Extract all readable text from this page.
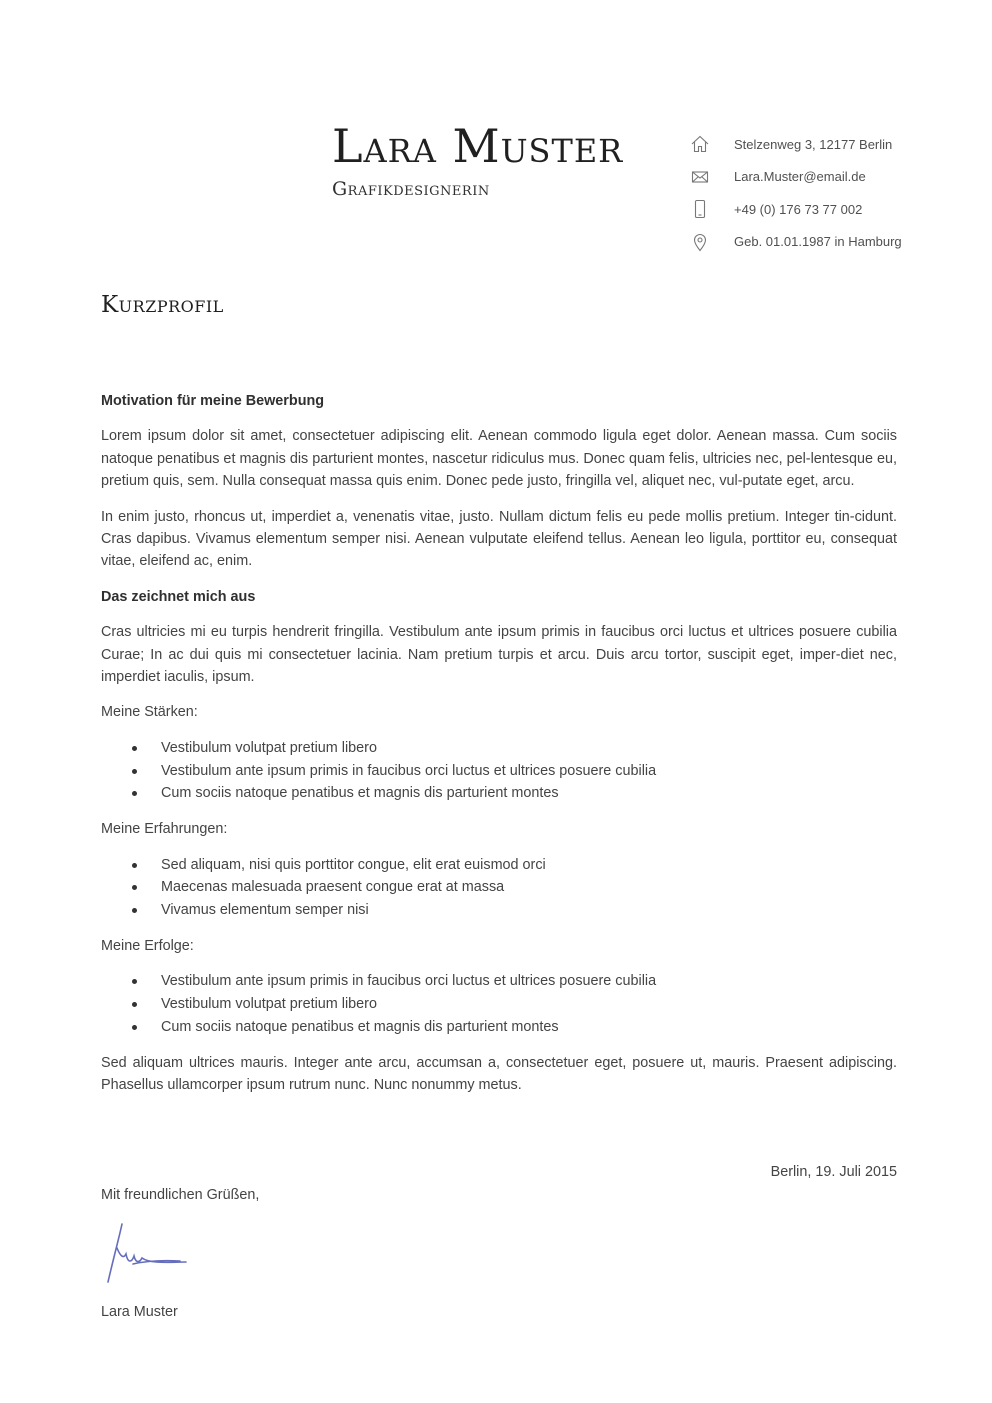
Lara Muster
Grafikdesignerin
Stelzenweg 3, 12177 Berlin
Lara.Muster@email.de
+49 (0) 176 73 77 002
Geb. 01.01.1987 in Hamburg
Kurzprofil

Motivation für meine Bewerbung

Lorem ipsum dolor sit amet, consectetuer adipiscing elit. Aenean commodo ligula eget dolor. Aenean massa. Cum sociis natoque penatibus et magnis dis parturient montes, nascetur ridiculus mus. Donec quam felis, ultricies nec, pel-lentesque eu, pretium quis, sem. Nulla consequat massa quis enim. Donec pede justo, fringilla vel, aliquet nec, vul-putate eget, arcu.

In enim justo, rhoncus ut, imperdiet a, venenatis vitae, justo. Nullam dictum felis eu pede mollis pretium. Integer tin-cidunt. Cras dapibus. Vivamus elementum semper nisi. Aenean vulputate eleifend tellus. Aenean leo ligula, porttitor eu, consequat vitae, eleifend ac, enim.

Das zeichnet mich aus

Cras ultricies mi eu turpis hendrerit fringilla. Vestibulum ante ipsum primis in faucibus orci luctus et ultrices posuere cubilia Curae; In ac dui quis mi consectetuer lacinia. Nam pretium turpis et arcu. Duis arcu tortor, suscipit eget, imper-diet nec, imperdiet iaculis, ipsum.

Meine Stärken:

Vestibulum volutpat pretium libero
Vestibulum ante ipsum primis in faucibus orci luctus et ultrices posuere cubilia
Cum sociis natoque penatibus et magnis dis parturient montes

Meine Erfahrungen:

Sed aliquam, nisi quis porttitor congue, elit erat euismod orci
Maecenas malesuada praesent congue erat at massa
Vivamus elementum semper nisi

Meine Erfolge:

Vestibulum ante ipsum primis in faucibus orci luctus et ultrices posuere cubilia
Vestibulum volutpat pretium libero
Cum sociis natoque penatibus et magnis dis parturient montes

Sed aliquam ultrices mauris. Integer ante arcu, accumsan a, consectetuer eget, posuere ut, mauris. Praesent adipiscing. Phasellus ullamcorper ipsum rutrum nunc. Nunc nonummy metus.

Berlin, 19. Juli 2015
Mit freundlichen Grüßen,
Lara Muster
